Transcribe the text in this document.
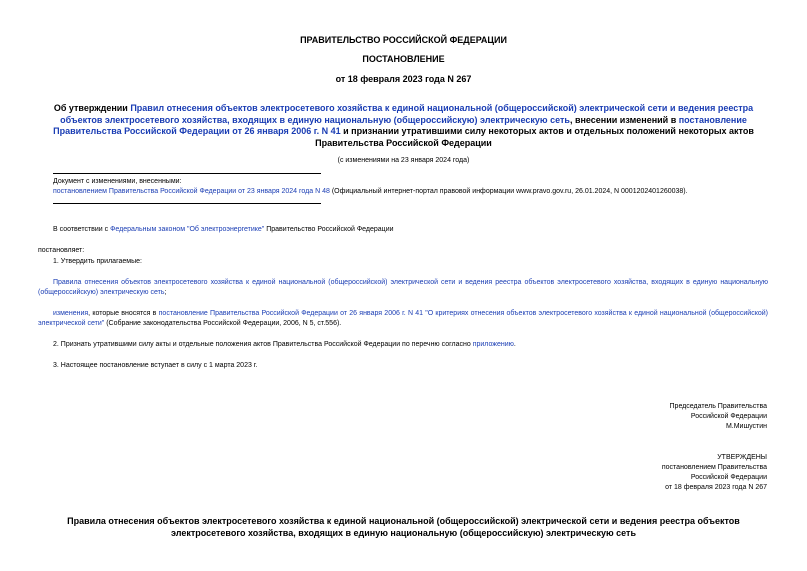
ПРАВИТЕЛЬСТВО РОССИЙСКОЙ ФЕДЕРАЦИИ
ПОСТАНОВЛЕНИЕ
от 18 февраля 2023 года N 267
Об утверждении Правил отнесения объектов электросетевого хозяйства к единой национальной (общероссийской) электрической сети и ведения реестра объектов электросетевого хозяйства, входящих в единую национальную (общероссийскую) электрическую сеть, внесении изменений в постановление Правительства Российской Федерации от 26 января 2006 г. N 41 и признании утратившими силу некоторых актов и отдельных положений некоторых актов Правительства Российской Федерации
(с изменениями на 23 января 2024 года)
Документ с изменениями, внесенными:
постановлением Правительства Российской Федерации от 23 января 2024 года N 48 (Официальный интернет-портал правовой информации www.pravo.gov.ru, 26.01.2024, N 0001202401260038).
В соответствии с Федеральным законом "Об электроэнергетике" Правительство Российской Федерации
постановляет:
1. Утвердить прилагаемые:
Правила отнесения объектов электросетевого хозяйства к единой национальной (общероссийской) электрической сети и ведения реестра объектов электросетевого хозяйства, входящих в единую национальную (общероссийскую) электрическую сеть;
изменения, которые вносятся в постановление Правительства Российской Федерации от 26 января 2006 г. N 41 "О критериях отнесения объектов электросетевого хозяйства к единой национальной (общероссийской) электрической сети" (Собрание законодательства Российской Федерации, 2006, N 5, ст.556).
2. Признать утратившими силу акты и отдельные положения актов Правительства Российской Федерации по перечню согласно приложению.
3. Настоящее постановление вступает в силу с 1 марта 2023 г.
Председатель Правительства
Российской Федерации
М.Мишустин
УТВЕРЖДЕНЫ
постановлением Правительства
Российской Федерации
от 18 февраля 2023 года N 267
Правила отнесения объектов электросетевого хозяйства к единой национальной (общероссийской) электрической сети и ведения реестра объектов электросетевого хозяйства, входящих в единую национальную (общероссийскую) электрическую сеть
